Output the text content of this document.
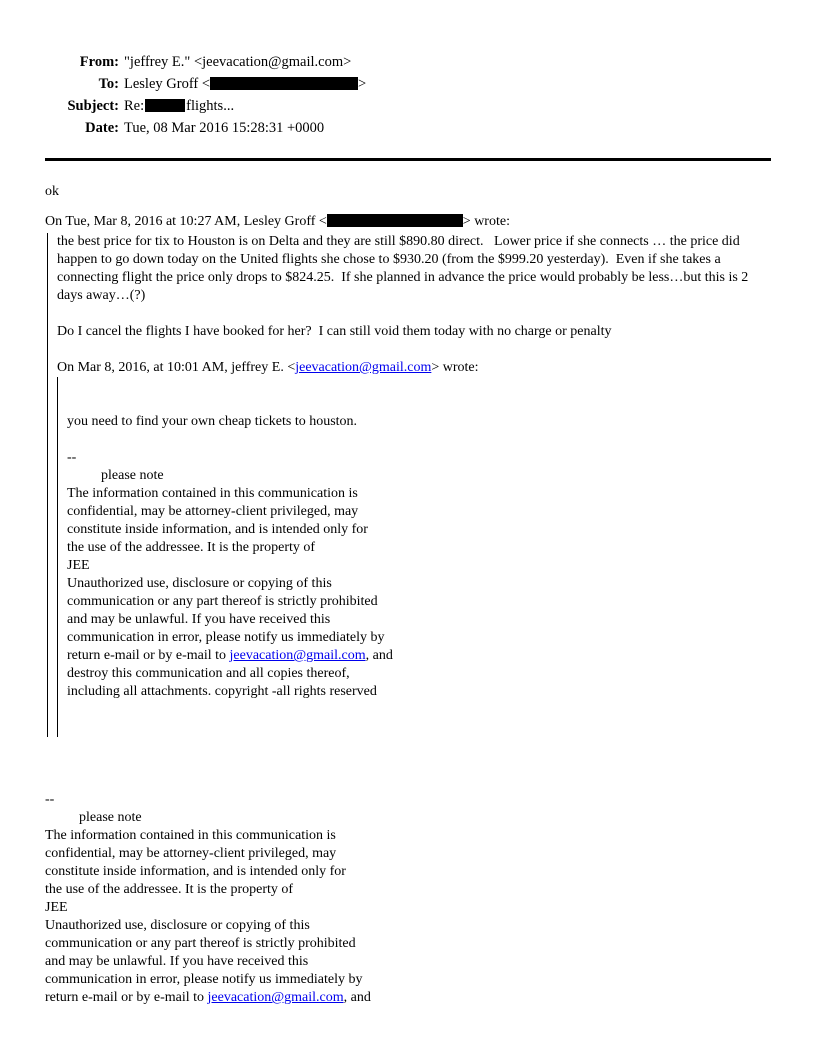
From: "jeffrey E." <jeevacation@gmail.com>
To: Lesley Groff <	>
Subject: Re:	flights...
Date: Tue, 08 Mar 2016 15:28:31 +0000
ok
On Tue, Mar 8, 2016 at 10:27 AM, Lesley Groff <	> wrote:
the best price for tix to Houston is on Delta and they are still $890.80 direct.   Lower price if she connects … the price did happen to go down today on the United flights she chose to $930.20 (from the $999.20 yesterday).  Even if she takes a connecting flight the price only drops to $824.25.  If she planned in advance the price would probably be less…but this is 2 days away…(?)
Do I cancel the flights I have booked for her?  I can still void them today with no charge or penalty
On Mar 8, 2016, at 10:01 AM, jeffrey E. <jeevacation@gmail.com> wrote:
you need to find your own cheap tickets to houston.
--
please note
The information contained in this communication is
confidential, may be attorney-client privileged, may
constitute inside information, and is intended only for
the use of the addressee. It is the property of
JEE
Unauthorized use, disclosure or copying of this
communication or any part thereof is strictly prohibited
and may be unlawful. If you have received this
communication in error, please notify us immediately by
return e-mail or by e-mail to jeevacation@gmail.com, and
destroy this communication and all copies thereof,
including all attachments. copyright -all rights reserved
--
please note
The information contained in this communication is
confidential, may be attorney-client privileged, may
constitute inside information, and is intended only for
the use of the addressee. It is the property of
JEE
Unauthorized use, disclosure or copying of this
communication or any part thereof is strictly prohibited
and may be unlawful. If you have received this
communication in error, please notify us immediately by
return e-mail or by e-mail to jeevacation@gmail.com, and
